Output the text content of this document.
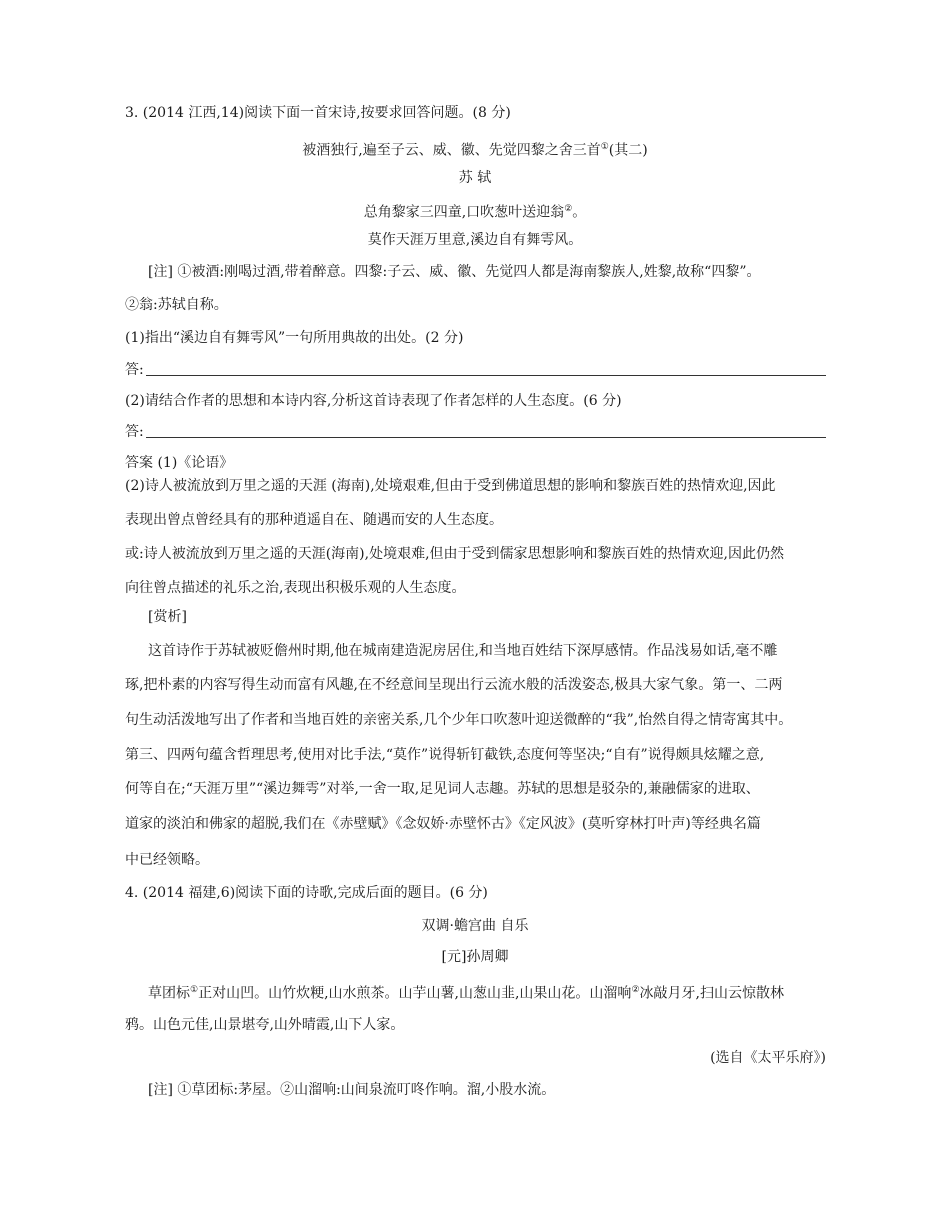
3. (2014 江西,14)阅读下面一首宋诗,按要求回答问题。(8 分)
被酒独行,遍至子云、威、徽、先觉四黎之舍三首①(其二)
苏 轼
总角黎家三四童,口吹葱叶送迎翁②。
莫作天涯万里意,溪边自有舞雩风。
[注] ①被酒:刚喝过酒,带着醉意。四黎:子云、威、徽、先觉四人都是海南黎族人,姓黎,故称“四黎”。
②翁:苏轼自称。
(1)指出“溪边自有舞雩风”一句所用典故的出处。(2 分)
答:
(2)请结合作者的思想和本诗内容,分析这首诗表现了作者怎样的人生态度。(6 分)
答:
答案 (1)《论语》
(2)诗人被流放到万里之遥的天涯 (海南),处境艰难,但由于受到佛道思想的影响和黎族百姓的热情欢迎,因此
表现出曾点曾经具有的那种逍遥自在、随遇而安的人生态度。
或:诗人被流放到万里之遥的天涯(海南),处境艰难,但由于受到儒家思想影响和黎族百姓的热情欢迎,因此仍然
向往曾点描述的礼乐之治,表现出积极乐观的人生态度。
[赏析]
这首诗作于苏轼被贬儋州时期,他在城南建造泥房居住,和当地百姓结下深厚感情。作品浅易如话,毫不雕
琢,把朴素的内容写得生动而富有风趣,在不经意间呈现出行云流水般的活泼姿态,极具大家气象。第一、二两
句生动活泼地写出了作者和当地百姓的亲密关系,几个少年口吹葱叶迎送微醉的“我”,怡然自得之情寄寓其中。
第三、四两句蕴含哲理思考,使用对比手法,“莫作”说得斩钉截铁,态度何等坚决;“自有”说得颇具炫耀之意,
何等自在;“天涯万里”“溪边舞雩”对举,一舍一取,足见词人志趣。苏轼的思想是驳杂的,兼融儒家的进取、
道家的淡泊和佛家的超脱,我们在《赤壁赋》《念奴娇·赤壁怀古》《定风波》(莫听穿林打叶声)等经典名篇
中已经领略。
4. (2014 福建,6)阅读下面的诗歌,完成后面的题目。(6 分)
双调·蟾宫曲 自乐
[元]孙周卿
草团标①正对山凹。山竹炊粳,山水煎茶。山芋山薯,山葱山韭,山果山花。山溜响②冰敲月牙,扫山云惊散林
鸦。山色元佳,山景堪夸,山外晴霞,山下人家。
(选自《太平乐府》)
[注] ①草团标:茅屋。②山溜响:山间泉流叮咚作响。溜,小股水流。
